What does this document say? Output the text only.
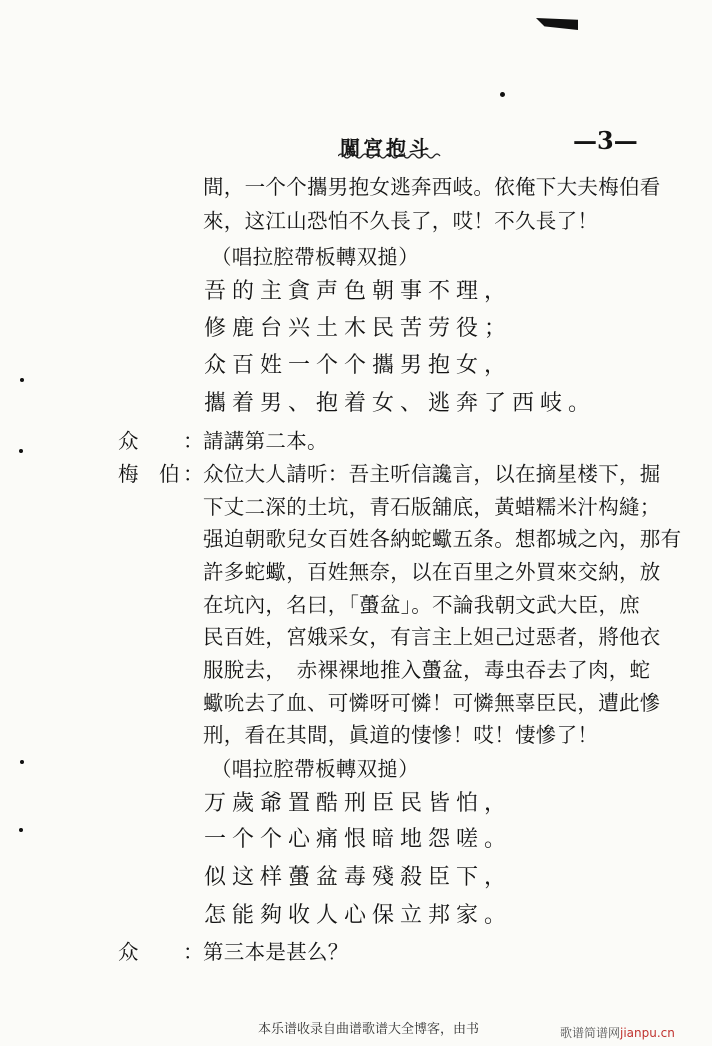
闖宮抱斗	—3—
間，一个个攜男抱女逃奔西岐。依俺下大夫梅伯看
來，这江山恐怕不久長了，哎！不久長了！
（唱拉腔帶板轉双搥）
吾的主貪声色朝事不理，
修鹿台兴土木民苦劳役；
众百姓一个个攜男抱女，
攜着男、抱着女、逃奔了西岐。
众 ： 請講第二本。
梅　伯 ： 众位大人請听：吾主听信讒言，以在摘星楼下，掘
下丈二深的土坑，青石版舖底，黃蜡糯米汁构縫；
强迫朝歌兒女百姓各納蛇蠍五条。想都城之內，那有
許多蛇蠍，百姓無奈，以在百里之外買來交納，放
在坑內，名曰，「蠆盆」。不論我朝文武大臣，庶
民百姓，宮娥采女，有言主上妲己过惡者，將他衣
服脫去，　赤裸裸地推入蠆盆，毒虫吞去了肉，蛇
蠍吮去了血、可憐呀可憐！可憐無辜臣民，遭此慘
刑，看在其間，眞道的悽慘！哎！悽慘了！
（唱拉腔帶板轉双搥）
万歲爺置酷刑臣民皆怕，
一个个心痛恨暗地怨嗟。
似这样蠆盆毒殘殺臣下，
怎能夠收人心保立邦家。
众 ： 第三本是甚么？
本乐谱收录自曲谱歌谱大全博客，由书	歌谱简谱网jianpu.cn
